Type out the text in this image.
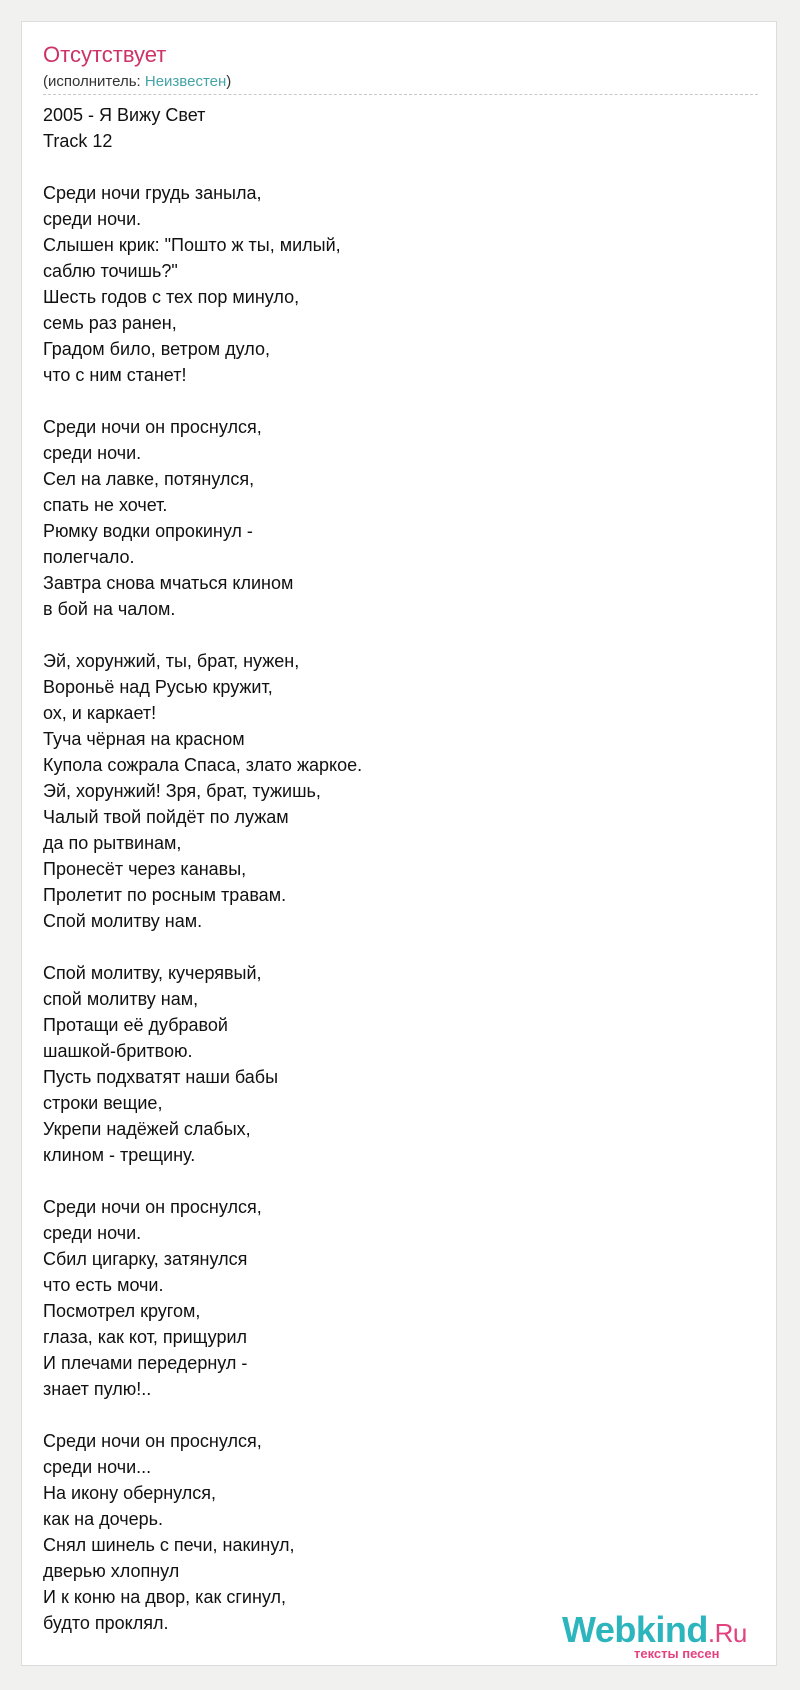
Отсутствует
(исполнитель: Неизвестен)
2005 - Я Вижу Свет
Track 12
Среди ночи грудь заныла,
среди ночи.
Слышен крик: "Пошто ж ты, милый,
саблю точишь?"
Шесть годов с тех пор минуло,
семь раз ранен,
Градом било, ветром дуло,
что с ним станет!
Среди ночи он проснулся,
среди ночи.
Сел на лавке, потянулся,
спать не хочет.
Рюмку водки опрокинул -
полегчало.
Завтра снова мчаться клином
в бой на чалом.
Эй, хорунжий, ты, брат, нужен,
Вороньё над Русью кружит,
ох, и каркает!
Туча чёрная на красном
Купола сожрала Спаса, злато жаркое.
Эй, хорунжий! Зря, брат, тужишь,
Чалый твой пойдёт по лужам
да по рытвинам,
Пронесёт через канавы,
Пролетит по росным травам.
Спой молитву нам.
Спой молитву, кучерявый,
спой молитву нам,
Протащи её дубравой
шашкой-бритвою.
Пусть подхватят наши бабы
строки вещие,
Укрепи надёжей слабых,
клином - трещину.
Среди ночи он проснулся,
среди ночи.
Сбил цигарку, затянулся
что есть мочи.
Посмотрел кругом,
глаза, как кот, прищурил
И плечами передернул -
знает пулю!..
Среди ночи он проснулся,
среди ночи...
На икону обернулся,
как на дочерь.
Снял шинель с печи, накинул,
дверью хлопнул
И к коню на двор, как сгинул,
будто проклял.	Webkind.Ru
тексты песен
